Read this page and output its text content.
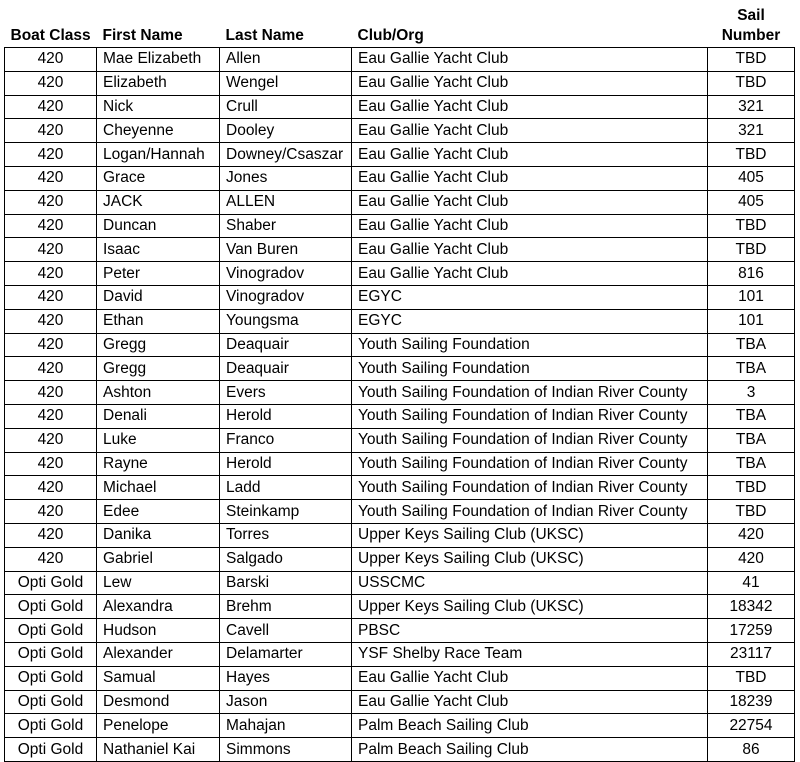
Boat Class	First Name	Last Name	Club/Org	Sail
Number

420	Mae Elizabeth	Allen	Eau Gallie Yacht Club	TBD
420	Elizabeth	Wengel	Eau Gallie Yacht Club	TBD
420	Nick	Crull	Eau Gallie Yacht Club	321
420	Cheyenne	Dooley	Eau Gallie Yacht Club	321
420	Logan/Hannah	Downey/Csaszar	Eau Gallie Yacht Club	TBD
420	Grace	Jones	Eau Gallie Yacht Club	405
420	JACK	ALLEN	Eau Gallie Yacht Club	405
420	Duncan	Shaber	Eau Gallie Yacht Club	TBD
420	Isaac	Van Buren	Eau Gallie Yacht Club	TBD
420	Peter	Vinogradov	Eau Gallie Yacht Club	816
420	David	Vinogradov	EGYC	101
420	Ethan	Youngsma	EGYC	101
420	Gregg	Deaquair	Youth Sailing Foundation	TBA
420	Gregg	Deaquair	Youth Sailing Foundation	TBA
420	Ashton	Evers	Youth Sailing Foundation of Indian River County	3
420	Denali	Herold	Youth Sailing Foundation of Indian River County	TBA
420	Luke	Franco	Youth Sailing Foundation of Indian River County	TBA
420	Rayne	Herold	Youth Sailing Foundation of Indian River County	TBA
420	Michael	Ladd	Youth Sailing Foundation of Indian River County	TBD
420	Edee	Steinkamp	Youth Sailing Foundation of Indian River County	TBD
420	Danika	Torres	Upper Keys Sailing Club (UKSC)	420
420	Gabriel	Salgado	Upper Keys Sailing Club (UKSC)	420
Opti Gold	Lew	Barski	USSCMC	41
Opti Gold	Alexandra	Brehm	Upper Keys Sailing Club (UKSC)	18342
Opti Gold	Hudson	Cavell	PBSC	17259
Opti Gold	Alexander	Delamarter	YSF Shelby Race Team	23117
Opti Gold	Samual	Hayes	Eau Gallie Yacht Club	TBD
Opti Gold	Desmond	Jason	Eau Gallie Yacht Club	18239
Opti Gold	Penelope	Mahajan	Palm Beach Sailing Club	22754
Opti Gold	Nathaniel Kai	Simmons	Palm Beach Sailing Club	86
